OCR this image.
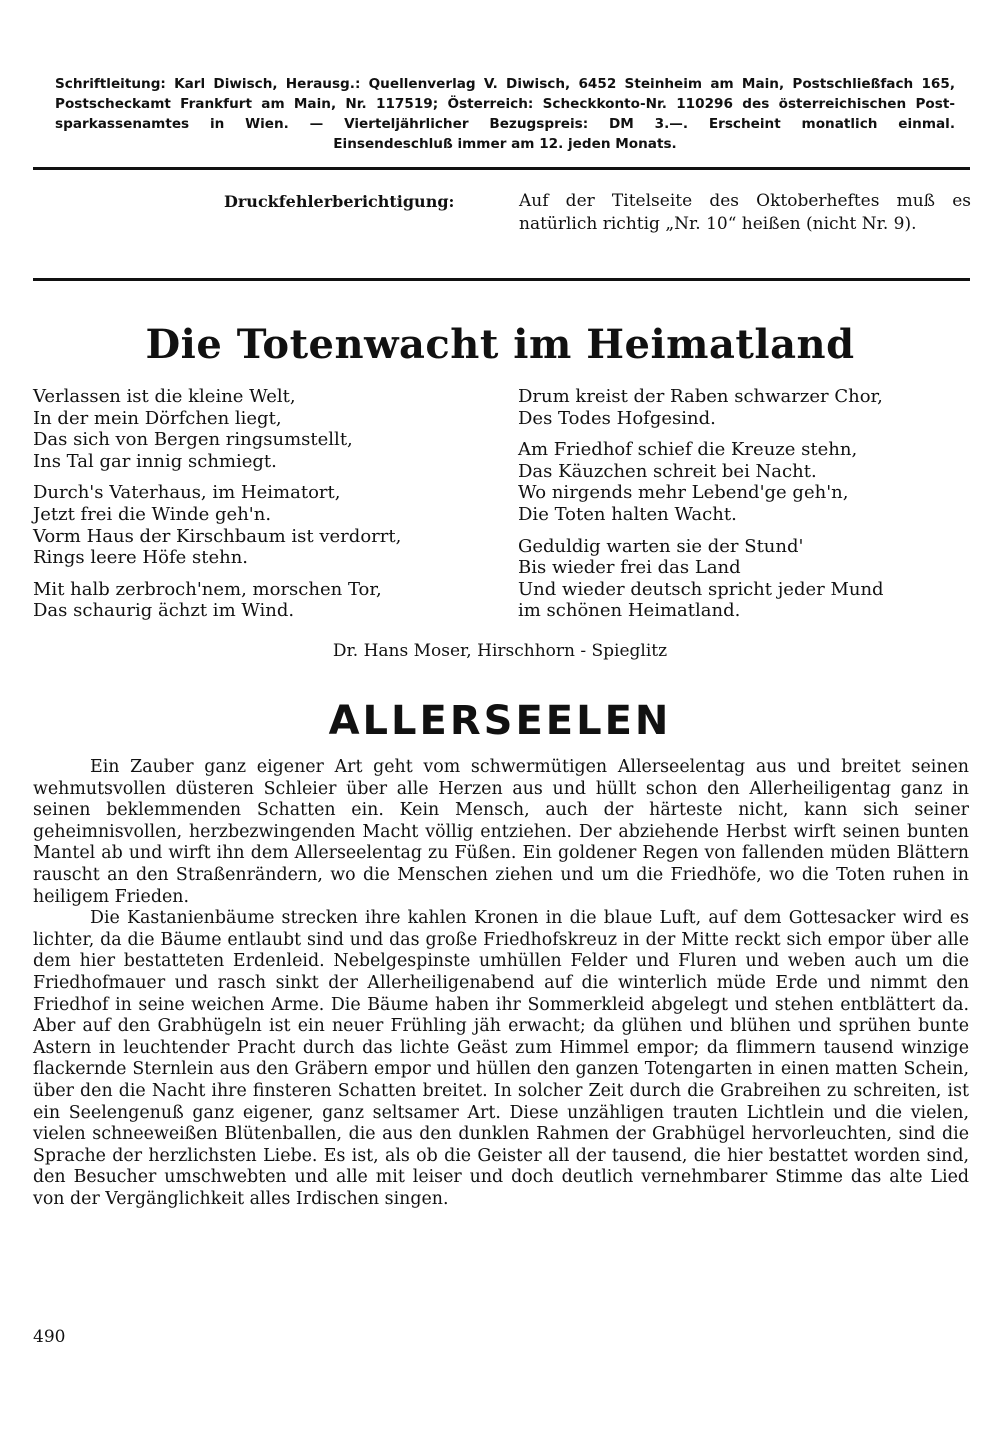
Schriftleitung: Karl Diwisch, Herausg.: Quellenverlag V. Diwisch, 6452 Steinheim am Main, Postschließfach 165,
Postscheckamt Frankfurt am Main, Nr. 117519; Österreich: Scheckkonto-Nr. 110296 des österreichischen Post-
sparkassenamtes in Wien. — Vierteljährlicher Bezugspreis: DM 3.—. Erscheint monatlich einmal.
Einsendeschluß immer am 12. jeden Monats.
Druckfehlerberichtigung:	Auf der Titelseite des Oktoberheftes muß es natürlich richtig „Nr. 10“ heißen (nicht Nr. 9).
Die Totenwacht im Heimatland
Verlassen ist die kleine Welt,
In der mein Dörfchen liegt,
Das sich von Bergen ringsumstellt,
Ins Tal gar innig schmiegt.
Durch's Vaterhaus, im Heimatort,
Jetzt frei die Winde geh'n.
Vorm Haus der Kirschbaum ist verdorrt,
Rings leere Höfe stehn.
Mit halb zerbroch'nem, morschen Tor,
Das schaurig ächzt im Wind.
Drum kreist der Raben schwarzer Chor,
Des Todes Hofgesind.
Am Friedhof schief die Kreuze stehn,
Das Käuzchen schreit bei Nacht.
Wo nirgends mehr Lebend'ge geh'n,
Die Toten halten Wacht.
Geduldig warten sie der Stund'
Bis wieder frei das Land
Und wieder deutsch spricht jeder Mund
im schönen Heimatland.
Dr. Hans Moser, Hirschhorn - Spieglitz
ALLERSEELEN

Ein Zauber ganz eigener Art geht vom schwermütigen Allerseelentag aus und breitet seinen wehmutsvollen düsteren Schleier über alle Herzen aus und hüllt schon den Allerheiligentag ganz in seinen beklemmenden Schatten ein. Kein Mensch, auch der härteste nicht, kann sich seiner geheimnisvollen, herzbezwingenden Macht völlig entziehen. Der abziehende Herbst wirft seinen bunten Mantel ab und wirft ihn dem Allerseelentag zu Füßen. Ein goldener Regen von fallenden müden Blättern rauscht an den Straßenrändern, wo die Menschen ziehen und um die Friedhöfe, wo die Toten ruhen in heiligem Frieden.

Die Kastanienbäume strecken ihre kahlen Kronen in die blaue Luft, auf dem Gottesacker wird es lichter, da die Bäume entlaubt sind und das große Friedhofskreuz in der Mitte reckt sich empor über alle dem hier bestatteten Erdenleid. Nebelgespinste umhüllen Felder und Fluren und weben auch um die Friedhofmauer und rasch sinkt der Allerheiligenabend auf die winterlich müde Erde und nimmt den Friedhof in seine weichen Arme. Die Bäume haben ihr Sommerkleid abgelegt und stehen entblättert da. Aber auf den Grabhügeln ist ein neuer Frühling jäh erwacht; da glühen und blühen und sprühen bunte Astern in leuchtender Pracht durch das lichte Geäst zum Himmel empor; da flimmern tausend winzige flackernde Sternlein aus den Gräbern empor und hüllen den ganzen Totengarten in einen matten Schein, über den die Nacht ihre finsteren Schatten breitet. In solcher Zeit durch die Grabreihen zu schreiten, ist ein Seelengenuß ganz eigener, ganz seltsamer Art. Diese unzähligen trauten Lichtlein und die vielen, vielen schneeweißen Blütenballen, die aus den dunklen Rahmen der Grabhügel hervorleuchten, sind die Sprache der herzlichsten Liebe. Es ist, als ob die Geister all der tausend, die hier bestattet worden sind, den Besucher umschwebten und alle mit leiser und doch deutlich vernehmbarer Stimme das alte Lied von der Vergänglichkeit alles Irdischen singen.

490
